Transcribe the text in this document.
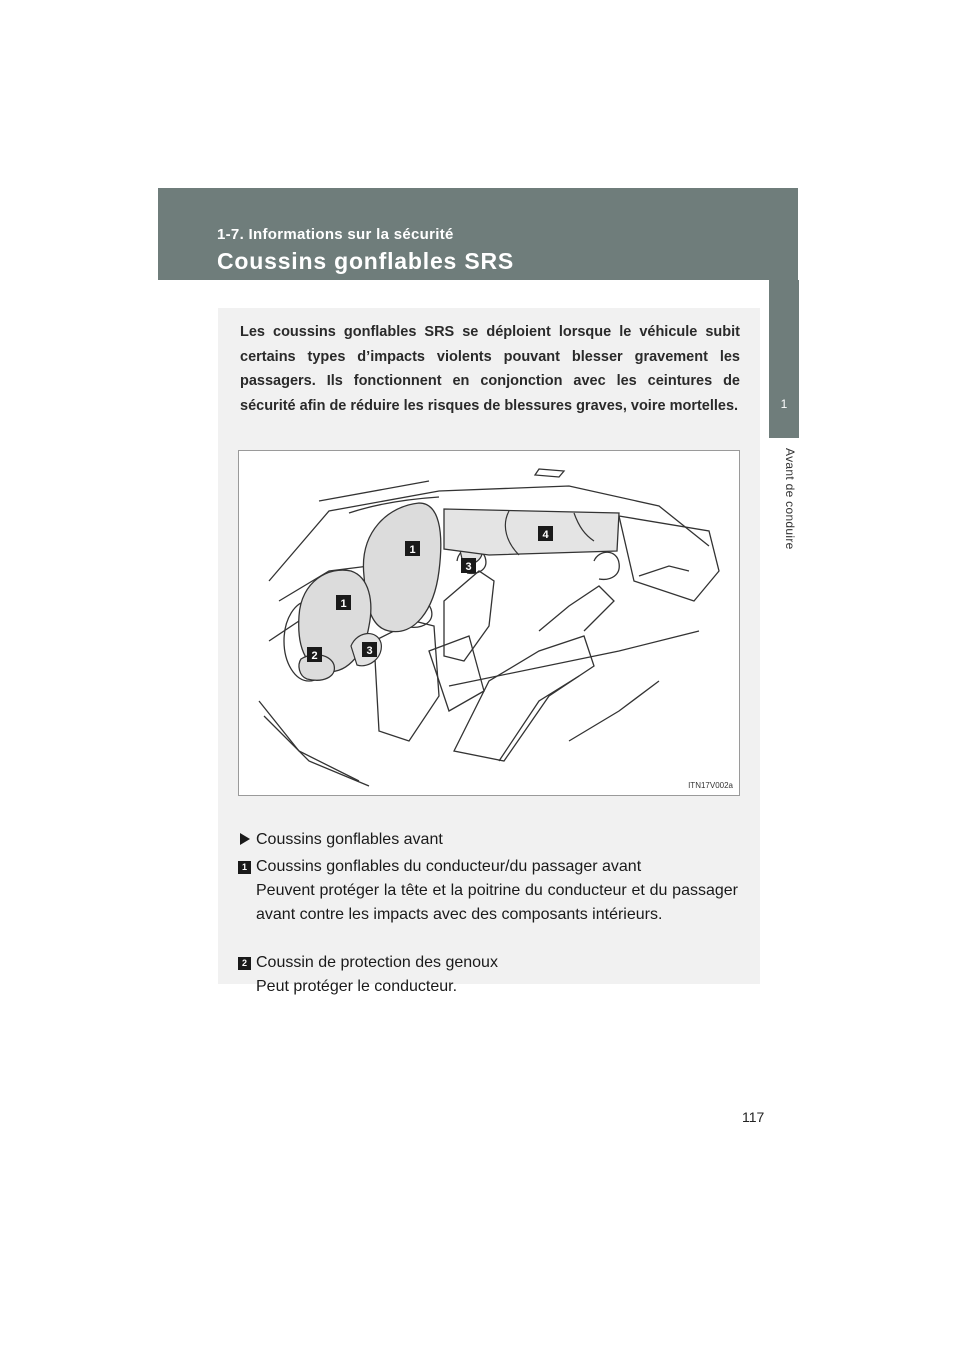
1-7. Informations sur la sécurité
Coussins gonflables SRS
1
Avant de conduire
Les coussins gonflables SRS se déploient lorsque le véhicule subit certains types d’impacts violents pouvant blesser gravement les passagers. Ils fonctionnent en conjonction avec les ceintures de sécurité afin de réduire les risques de blessures graves, voire mortelles.
1
1
2
3
3
4
ITN17V002a
Coussins gonflables avant
1 Coussins gonflables du conducteur/du passager avant
Peuvent protéger la tête et la poitrine du conducteur et du passager avant contre les impacts avec des composants intérieurs.
2 Coussin de protection des genoux
Peut protéger le conducteur.
117
